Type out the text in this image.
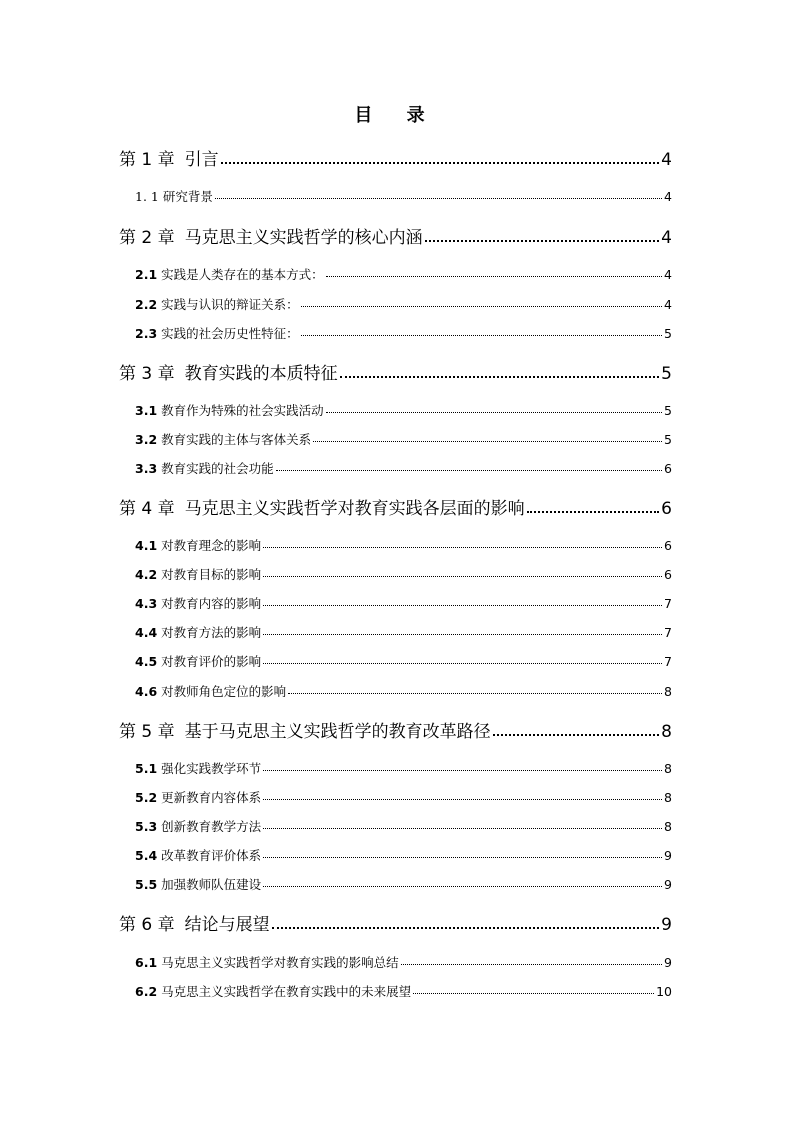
目 录
第 1 章 引言	4
1. 1 研究背景	4
第 2 章 马克思主义实践哲学的核心内涵	4
2.1 实践是人类存在的基本方式：	4
2.2 实践与认识的辩证关系：	4
2.3 实践的社会历史性特征：	5
第 3 章 教育实践的本质特征	5
3.1 教育作为特殊的社会实践活动	5
3.2 教育实践的主体与客体关系	5
3.3 教育实践的社会功能	6
第 4 章 马克思主义实践哲学对教育实践各层面的影响	6
4.1 对教育理念的影响	6
4.2 对教育目标的影响	6
4.3 对教育内容的影响	7
4.4 对教育方法的影响	7
4.5 对教育评价的影响	7
4.6 对教师角色定位的影响	8
第 5 章 基于马克思主义实践哲学的教育改革路径	8
5.1 强化实践教学环节	8
5.2 更新教育内容体系	8
5.3 创新教育教学方法	8
5.4 改革教育评价体系	9
5.5 加强教师队伍建设	9
第 6 章 结论与展望	9
6.1 马克思主义实践哲学对教育实践的影响总结	9
6.2 马克思主义实践哲学在教育实践中的未来展望	10
